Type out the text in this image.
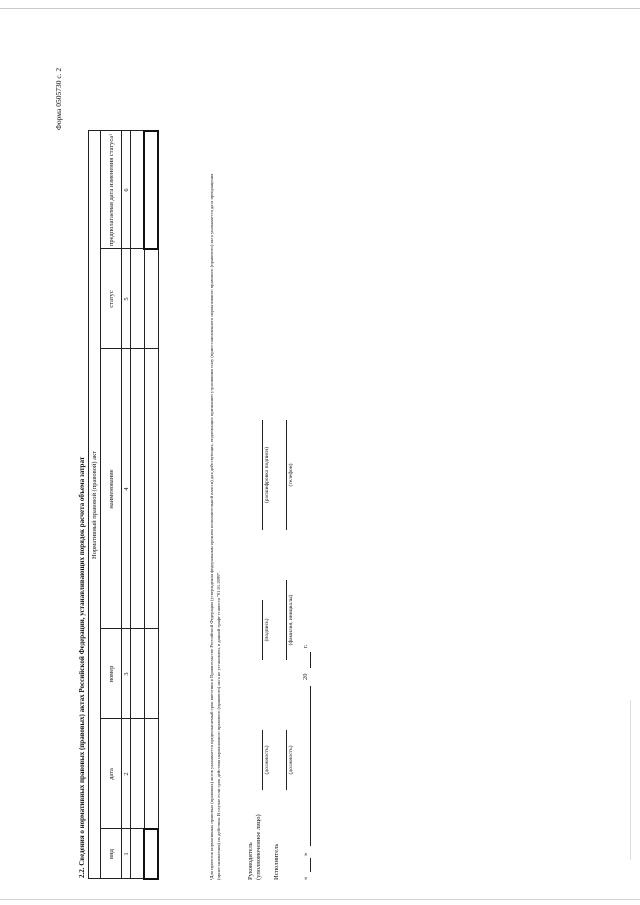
Форма 0505730 с. 2
2.2. Сведения о нормативных правовых (правовых) актах Российской Федерации, устанавливающих порядок расчета объема затрат Нормативный правовой (правовой) акт					
вид	дата	номер	наименование	статус	предполагаемая дата изменения статуса¹
1	2	3	4	5	6

						¹Для проектов нормативных правовых (правовых) актов указывается предполагаемый срок внесения в Правительство Российской Федерации (утверждения федеральным органом исполнительной власти) для действующих, подлежащих признанию утратившим силу (приостановленного нормативного правового (правового) акта указывается дата прекращения (приостановления) их действия. В случае если срок действия нормативного правового (правового) акта не установлен, в данной графе ставится "01.01.2099".	Руководитель (уполномоченное лицо)
(должность)
(подпись)
(расшифровка подписи)
Исполнитель
(должность)
(фамилия, инициалы)
(телефон)
«
»
20
г.
